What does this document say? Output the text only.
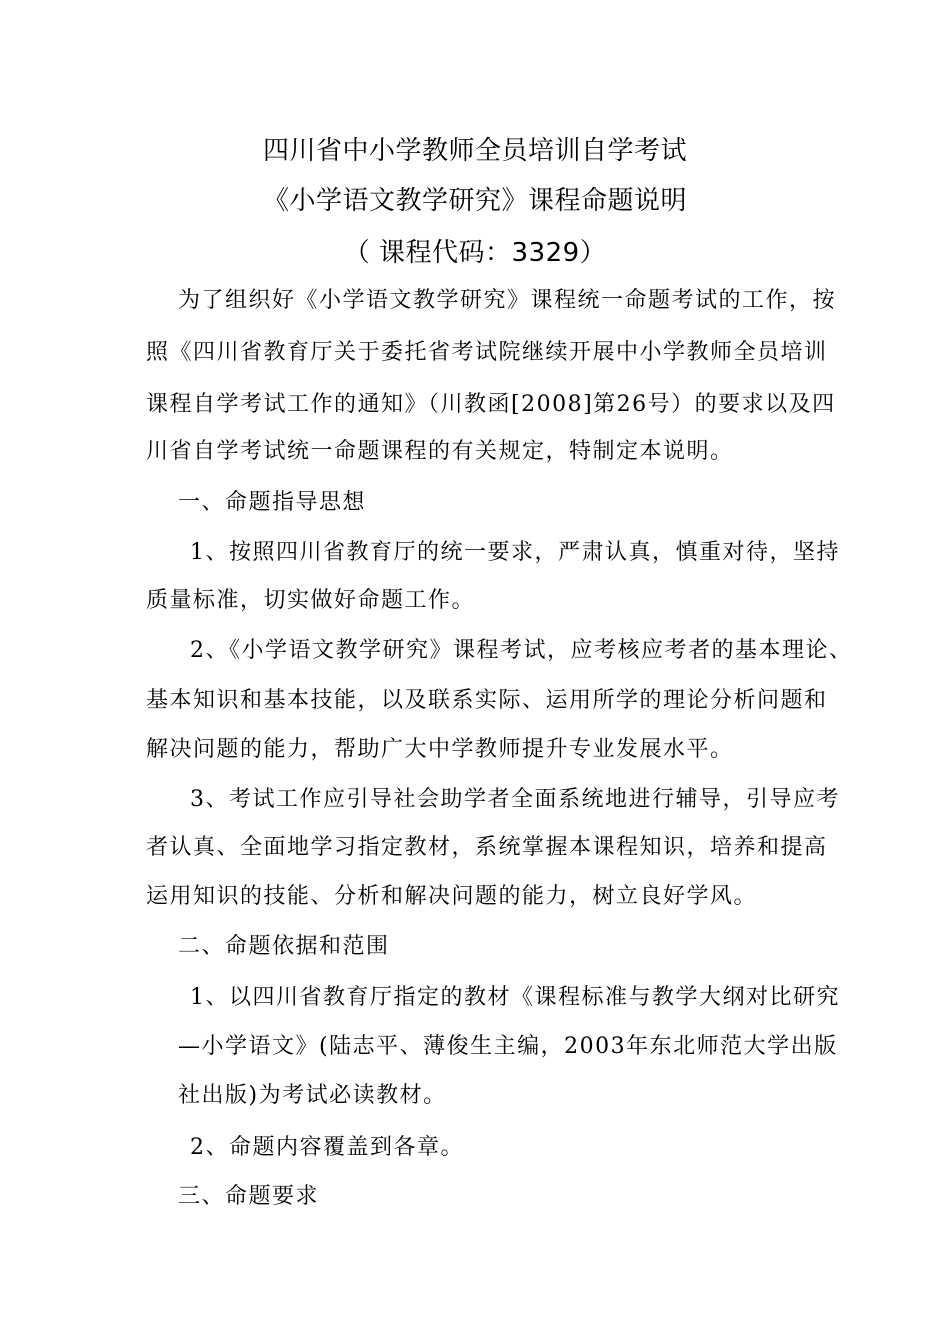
四川省中小学教师全员培训自学考试
《小学语文教学研究》课程命题说明
（ 课程代码：3329）
为了组织好《小学语文教学研究》课程统一命题考试的工作，按
照《四川省教育厅关于委托省考试院继续开展中小学教师全员培训
课程自学考试工作的通知》（川教函[2008]第26号）的要求以及四
川省自学考试统一命题课程的有关规定，特制定本说明。
一、命题指导思想
1、按照四川省教育厅的统一要求，严肃认真，慎重对待，坚持
质量标准，切实做好命题工作。
2、《小学语文教学研究》课程考试，应考核应考者的基本理论、
基本知识和基本技能，以及联系实际、运用所学的理论分析问题和
解决问题的能力，帮助广大中学教师提升专业发展水平。
3、考试工作应引导社会助学者全面系统地进行辅导，引导应考
者认真、全面地学习指定教材，系统掌握本课程知识，培养和提高
运用知识的技能、分析和解决问题的能力，树立良好学风。
二、命题依据和范围
1、以四川省教育厅指定的教材《课程标准与教学大纲对比研究
—小学语文》(陆志平、薄俊生主编，2003年东北师范大学出版
社出版)为考试必读教材。
2、命题内容覆盖到各章。
三、命题要求
